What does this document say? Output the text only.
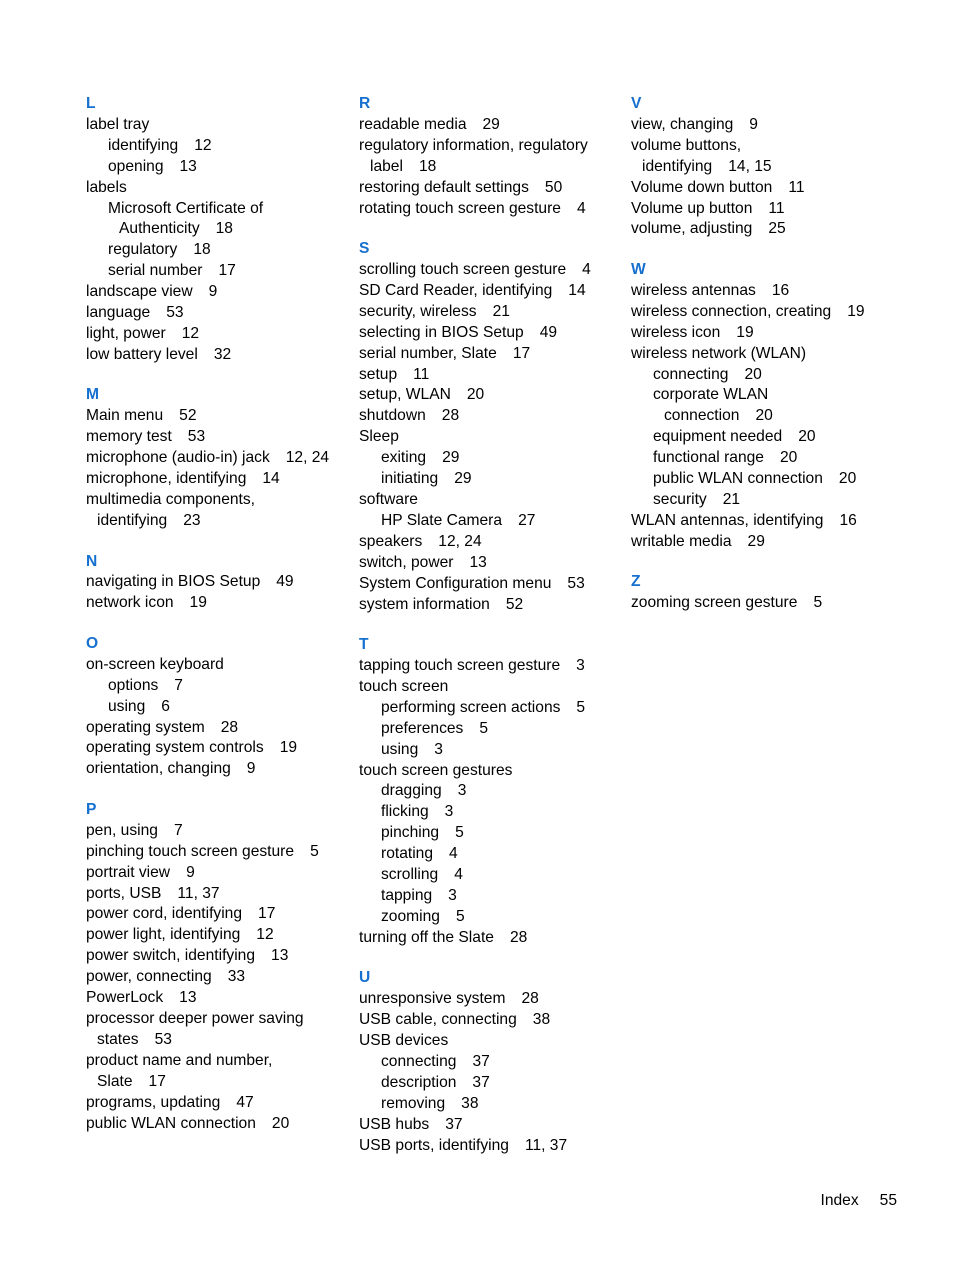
L
label tray
identifying 12
opening 13
labels
Microsoft Certificate of
Authenticity 18
regulatory 18
serial number 17
landscape view 9
language 53
light, power 12
low battery level 32
M
Main menu 52
memory test 53
microphone (audio-in) jack 12, 24
microphone, identifying 14
multimedia components,
identifying 23
N
navigating in BIOS Setup 49
network icon 19
O
on-screen keyboard
options 7
using 6
operating system 28
operating system controls 19
orientation, changing 9
P
pen, using 7
pinching touch screen gesture 5
portrait view 9
ports, USB 11, 37
power cord, identifying 17
power light, identifying 12
power switch, identifying 13
power, connecting 33
PowerLock 13
processor deeper power saving
states 53
product name and number,
Slate 17
programs, updating 47
public WLAN connection 20
R
readable media 29
regulatory information, regulatory
label 18
restoring default settings 50
rotating touch screen gesture 4
S
scrolling touch screen gesture 4
SD Card Reader, identifying 14
security, wireless 21
selecting in BIOS Setup 49
serial number, Slate 17
setup 11
setup, WLAN 20
shutdown 28
Sleep
exiting 29
initiating 29
software
HP Slate Camera 27
speakers 12, 24
switch, power 13
System Configuration menu 53
system information 52
T
tapping touch screen gesture 3
touch screen
performing screen actions 5
preferences 5
using 3
touch screen gestures
dragging 3
flicking 3
pinching 5
rotating 4
scrolling 4
tapping 3
zooming 5
turning off the Slate 28
U
unresponsive system 28
USB cable, connecting 38
USB devices
connecting 37
description 37
removing 38
USB hubs 37
USB ports, identifying 11, 37
V
view, changing 9
volume buttons,
identifying 14, 15
Volume down button 11
Volume up button 11
volume, adjusting 25
W
wireless antennas 16
wireless connection, creating 19
wireless icon 19
wireless network (WLAN)
connecting 20
corporate WLAN
connection 20
equipment needed 20
functional range 20
public WLAN connection 20
security 21
WLAN antennas, identifying 16
writable media 29
Z
zooming screen gesture 5
Index 55
